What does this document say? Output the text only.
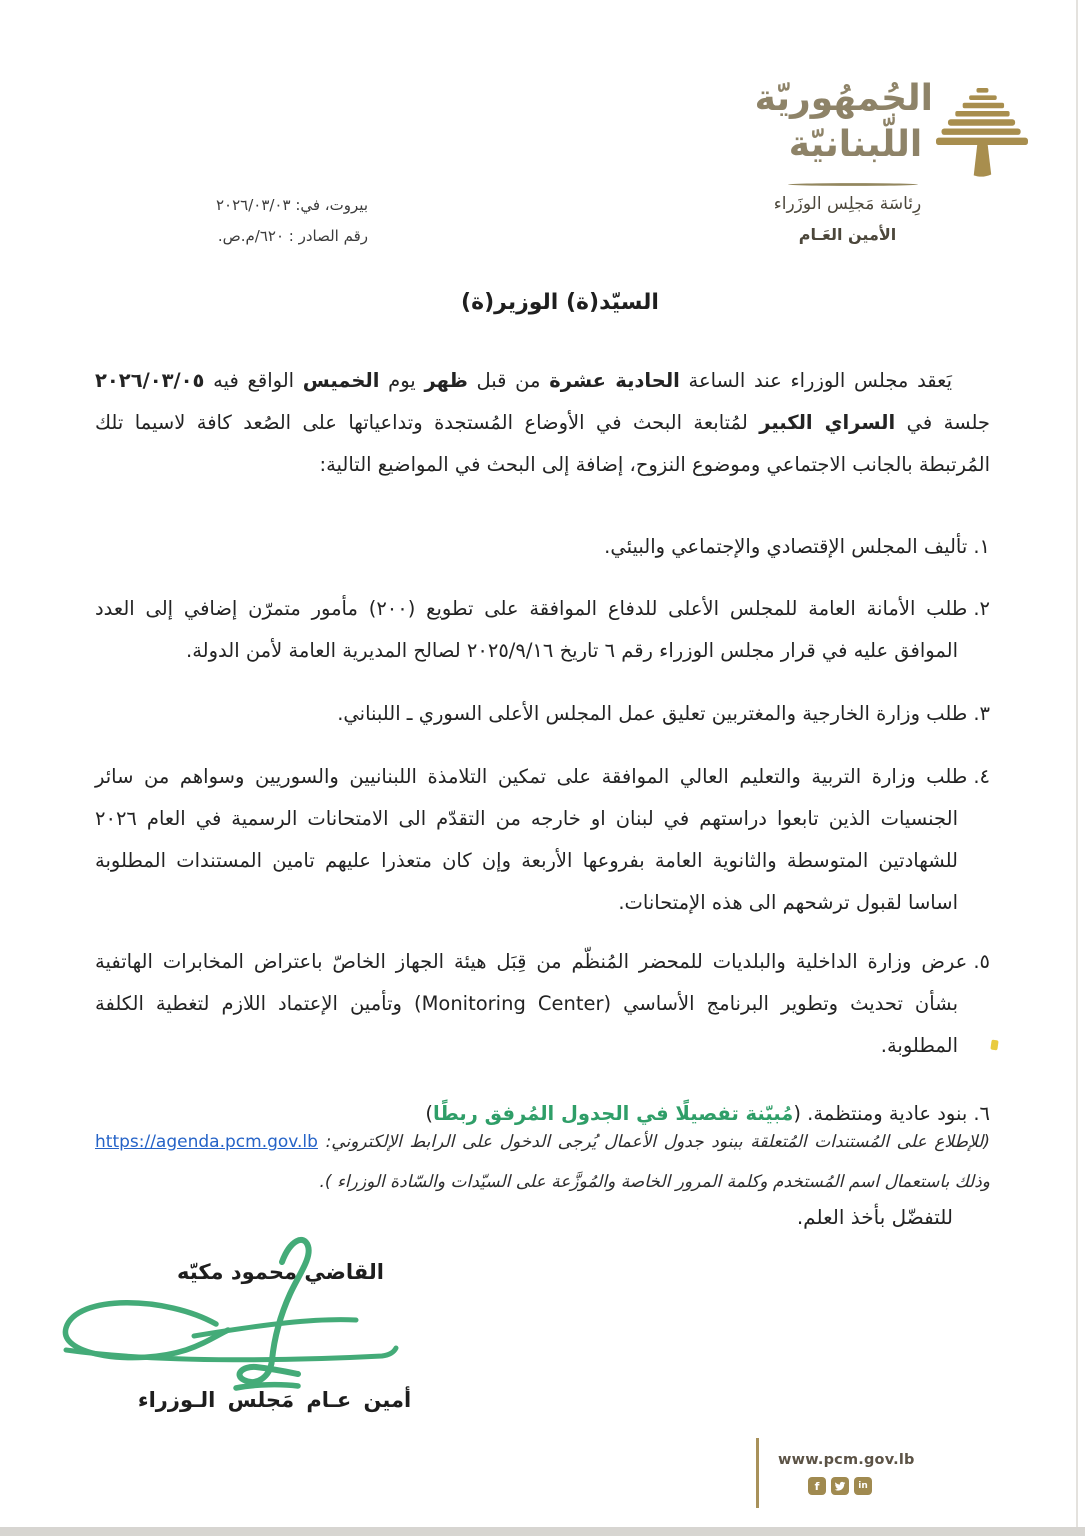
الجُمهُوريّة
اللّبنانيّة
رِئاسَة مَجلِس الوزَراء
الأمين العَـام
بيروت، في: ٢٠٢٦/٠٣/٠٣
رقم الصادر : ٦٢٠/م.ص.
السيّد(ة) الوزير(ة)

يَعقد مجلس الوزراء عند الساعة الحادية عشرة من قبل ظهر يوم الخميس الواقع فيه ٢٠٢٦/٠٣/٠٥ جلسة في السراي الكبير لمُتابعة البحث في الأوضاع المُستجدة وتداعياتها على الصُعد كافة لاسيما تلك المُرتبطة بالجانب الاجتماعي وموضوع النزوح، إضافة إلى البحث في المواضيع التالية:

١.تأليف المجلس الإقتصادي والإجتماعي والبيئي.

٢.طلب الأمانة العامة للمجلس الأعلى للدفاع الموافقة على تطويع (٢٠٠) مأمور متمرّن إضافي إلى العدد الموافق عليه في قرار مجلس الوزراء رقم ٦ تاريخ ٢٠٢٥/٩/١٦ لصالح المديرية العامة لأمن الدولة.

٣.طلب وزارة الخارجية والمغتربين تعليق عمل المجلس الأعلى السوري ـ اللبناني.

٤.طلب وزارة التربية والتعليم العالي الموافقة على تمكين التلامذة اللبنانيين والسوريين وسواهم من سائر الجنسيات الذين تابعوا دراستهم في لبنان او خارجه من التقدّم الى الامتحانات الرسمية في العام ٢٠٢٦ للشهادتين المتوسطة والثانوية العامة بفروعها الأربعة وإن كان متعذرا عليهم تامين المستندات المطلوبة اساسا لقبول ترشحهم الى هذه الإمتحانات.

٥.عرض وزارة الداخلية والبلديات للمحضر المُنظّم من قِبَل هيئة الجهاز الخاصّ باعتراض المخابرات الهاتفية بشأن تحديث وتطوير البرنامج الأساسي (Monitoring Center) وتأمين الإعتماد اللازم لتغطية الكلفة المطلوبة.

٦.بنود عادية ومنتظمة. (مُبيّنة تفصيلًا في الجدول المُرفق ربطًا)

(للإطلاع على المُستندات المُتعلقة ببنود جدول الأعمال يُرجى الدخول على الرابط الإلكتروني: https://agenda.pcm.gov.lb وذلك باستعمال اسم المُستخدم وكلمة المرور الخاصة والمُوزَّعة على السيّدات والسّادة الوزراء ).

للتفضّل بأخذ العلم.
القاضي محمود مكيّه
أمين عـام مَجلس الـوزراء
www.pcm.gov.lb
f	in
